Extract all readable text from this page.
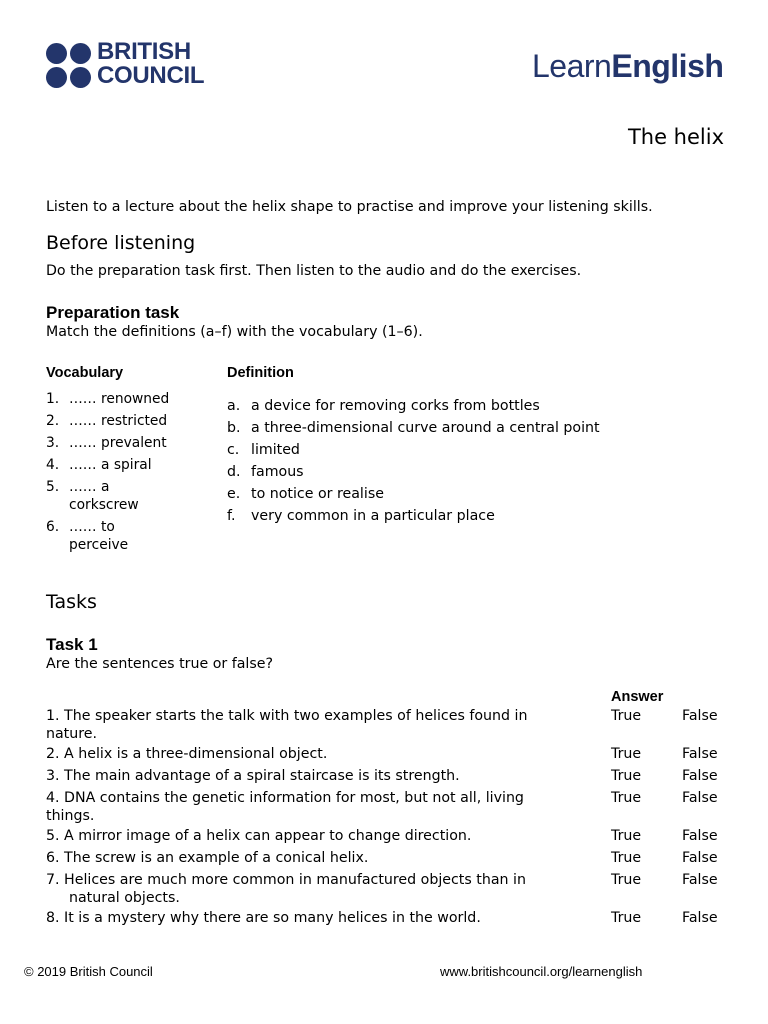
BRITISH
COUNCIL	LearnEnglish
The helix
Listen to a lecture about the helix shape to practise and improve your listening skills.
Before listening
Do the preparation task first. Then listen to the audio and do the exercises.
Preparation task
Match the definitions (a–f) with the vocabulary (1–6).
Vocabulary	Definition
1. …… renowned
2. …… restricted
3. …… prevalent
4. …… a spiral
5. …… a
corkscrew
6. …… to
perceive
a. a device for removing corks from bottles
b. a three-dimensional curve around a central point
c. limited
d. famous
e. to notice or realise
f. very common in a particular place
Tasks
Task 1
Are the sentences true or false?
Answer
1. The speaker starts the talk with two examples of helices found in
nature.
True	False
2. A helix is a three-dimensional object.	True	False
3. The main advantage of a spiral staircase is its strength.	True	False
4. DNA contains the genetic information for most, but not all, living
things.
True	False
5. A mirror image of a helix can appear to change direction.	True	False
6. The screw is an example of a conical helix.	True	False
7. Helices are much more common in manufactured objects than in
natural objects.
True	False
8. It is a mystery why there are so many helices in the world.	True	False
© 2019 British Council	www.britishcouncil.org/learnenglish
